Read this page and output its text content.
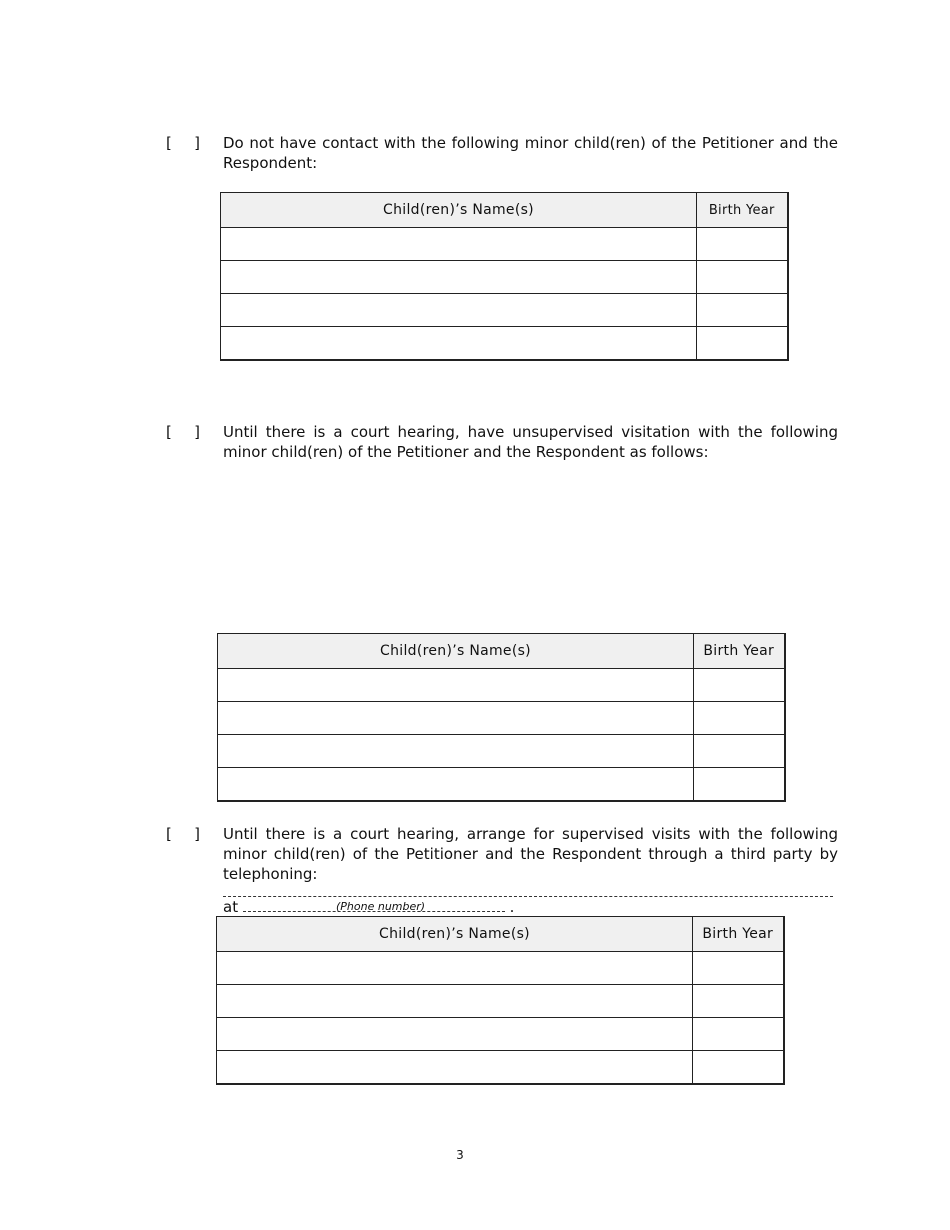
[   ] Do not have contact with the following minor child(ren) of the Petitioner and the Respondent:
Child(ren)’s Name(s)	Birth Year

[   ] Until there is a court hearing, have unsupervised visitation with the following minor child(ren) of the Petitioner and the Respondent as follows:
Child(ren)’s Name(s)	Birth Year

[   ] Until there is a court hearing, arrange for supervised visits with the following minor child(ren) of the Petitioner and the Respondent through a third party by telephoning:
at	.
(Phone number)
Child(ren)’s Name(s)	Birth Year

3
